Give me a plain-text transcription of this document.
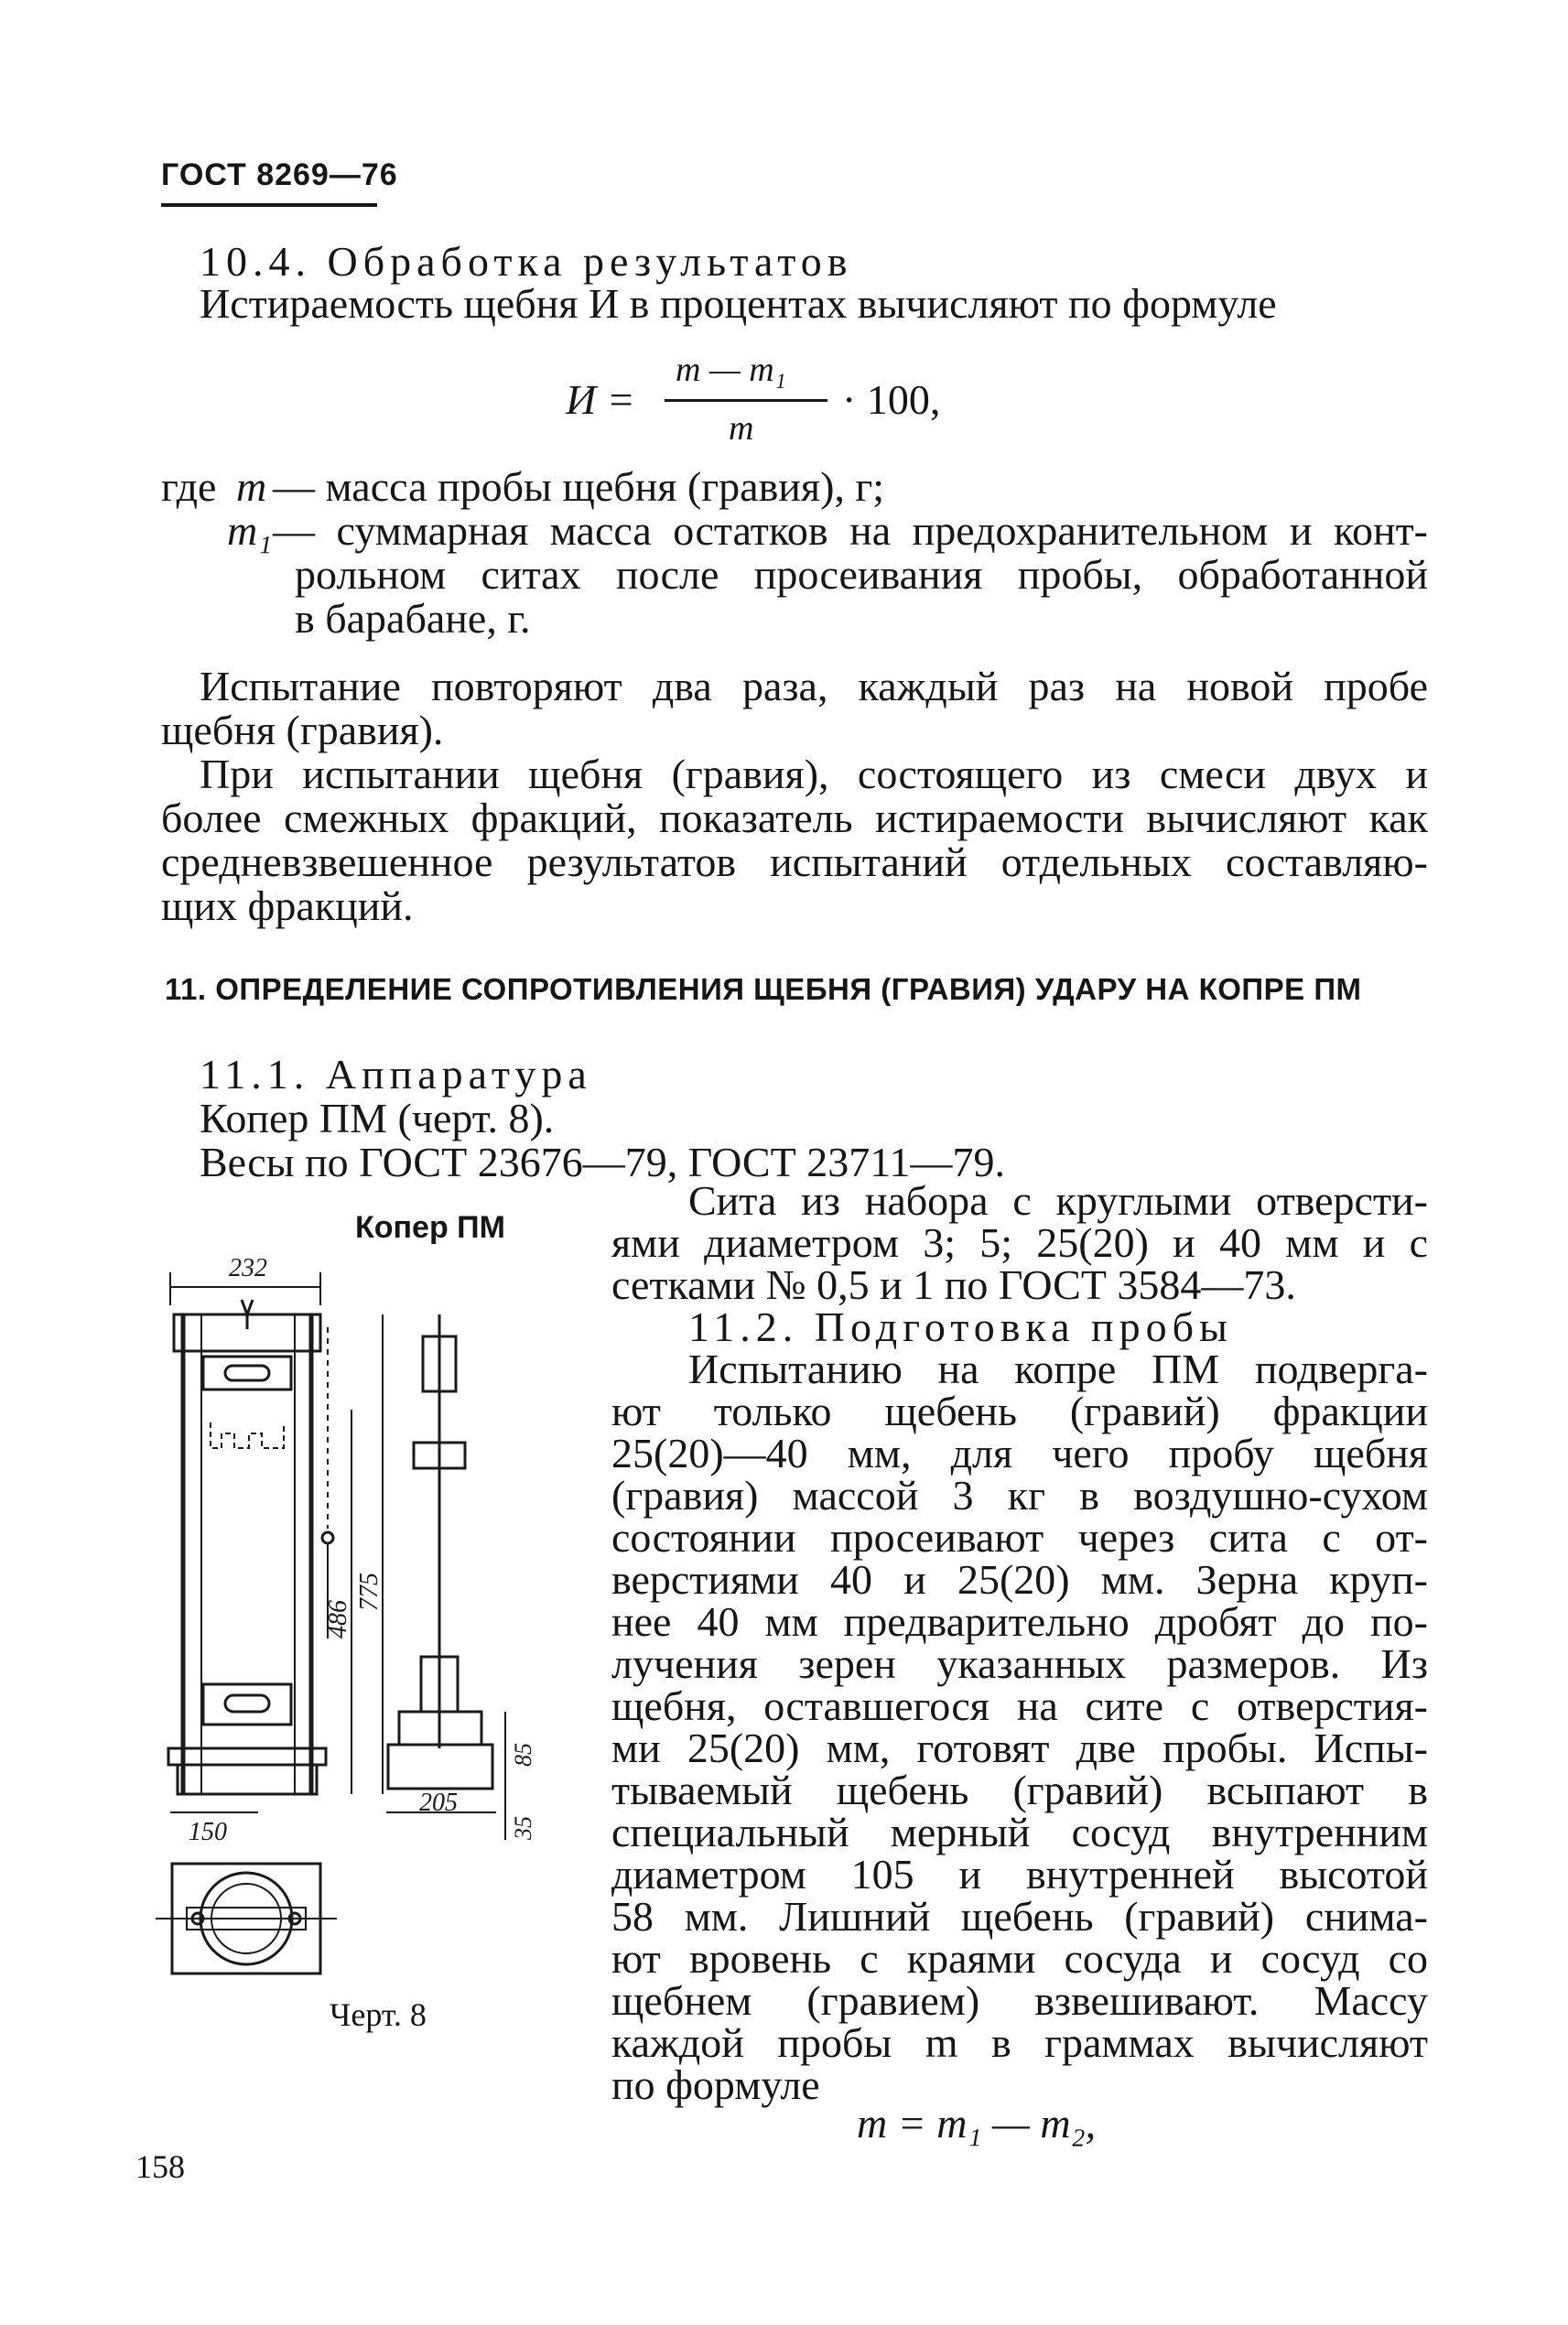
ГОСТ 8269—76
10.4. Обработка результатов
Истираемость щебня И в процентах вычисляют по формуле
И =
m — m₁
m
· 100,
где m — масса пробы щебня (гравия), г;
m₁ — суммарная масса остатков на предохранительном и конт-
рольном ситах после просеивания пробы, обработанной
в барабане, г.
Испытание повторяют два раза, каждый раз на новой пробе
щебня (гравия).
При испытании щебня (гравия), состоящего из смеси двух и
более смежных фракций, показатель истираемости вычисляют как
средневзвешенное результатов испытаний отдельных составляю-
щих фракций.
11. ОПРЕДЕЛЕНИЕ СОПРОТИВЛЕНИЯ ЩЕБНЯ (ГРАВИЯ) УДАРУ НА КОПРЕ ПМ
11.1. Аппаратура
Копер ПМ (черт. 8).
Весы по ГОСТ 23676—79, ГОСТ 23711—79.
Сита из набора с круглыми отверсти-
ями диаметром 3; 5; 25(20) и 40 мм и с
сетками № 0,5 и 1 по ГОСТ 3584—73.
11.2. Подготовка пробы
Испытанию на копре ПМ подверга-
ют только щебень (гравий) фракции
25(20)—40 мм, для чего пробу щебня
(гравия) массой 3 кг в воздушно-сухом
состоянии просеивают через сита с от-
верстиями 40 и 25(20) мм. Зерна круп-
нее 40 мм предварительно дробят до по-
лучения зерен указанных размеров. Из
щебня, оставшегося на сите с отверстия-
ми 25(20) мм, готовят две пробы. Испы-
тываемый щебень (гравий) всыпают в
специальный мерный сосуд внутренним
диаметром 105 и внутренней высотой
58 мм. Лишний щебень (гравий) снима-
ют вровень с краями сосуда и сосуд со
щебнем (гравием) взвешивают. Массу
каждой пробы m в граммах вычисляют
по формуле
m = m₁ — m₂,
Копер ПМ
232
486
775
150
205
85
35
Черт. 8
158
